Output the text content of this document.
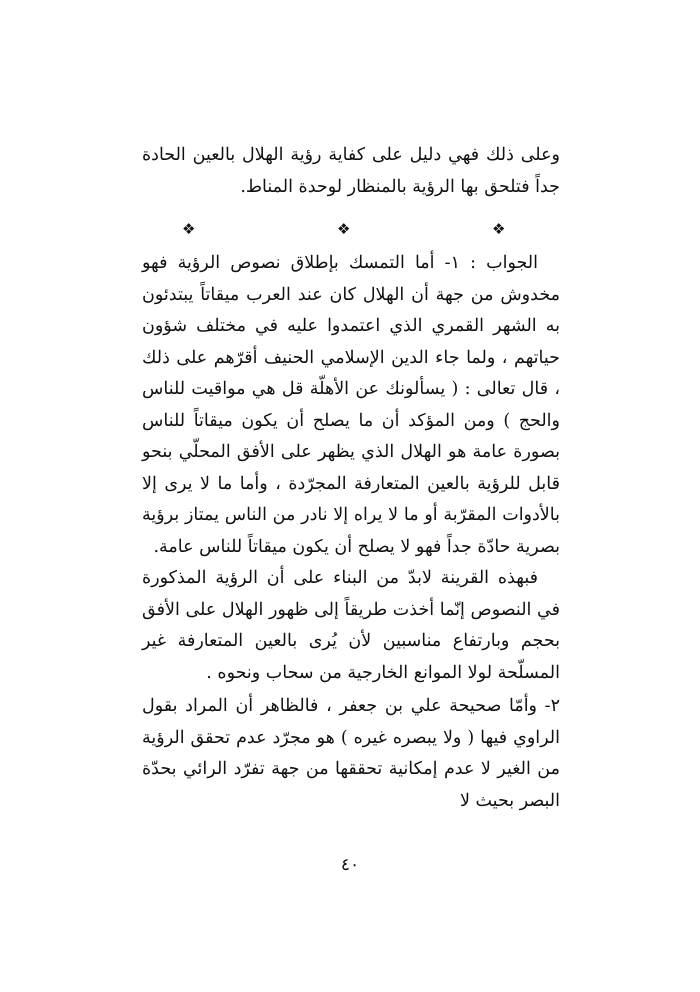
وعلى ذلك فهي دليل على كفاية رؤية الهلال بالعين الحادة جداً فتلحق بها الرؤية بالمنظار لوحدة المناط.

❖	❖	❖

الجواب : ١- أما التمسك بإطلاق نصوص الرؤية فهو مخدوش من جهة أن الهلال كان عند العرب ميقاتاً يبتدئون به الشهر القمري الذي اعتمدوا عليه في مختلف شؤون حياتهم ، ولما جاء الدين الإسلامي الحنيف أقرّهم على ذلك ، قال تعالى : ( يسألونك عن الأهلّة قل هي مواقيت للناس والحج ) ومن المؤكد أن ما يصلح أن يكون ميقاتاً للناس بصورة عامة هو الهلال الذي يظهر على الأفق المحلّي بنحو قابل للرؤية بالعين المتعارفة المجرّدة ، وأما ما لا يرى إلا بالأدوات المقرّبة أو ما لا يراه إلا نادر من الناس يمتاز برؤية بصرية حادّة جداً فهو لا يصلح أن يكون ميقاتاً للناس عامة.

فبهذه القرينة لابدّ من البناء على أن الرؤية المذكورة في النصوص إنّما أخذت طريقاً إلى ظهور الهلال على الأفق بحجم وبارتفاع مناسبين لأن يُرى بالعين المتعارفة غير المسلّحة لولا الموانع الخارجية من سحاب ونحوه .

٢- وأمّا صحيحة علي بن جعفر ، فالظاهر أن المراد بقول الراوي فيها ( ولا يبصره غيره ) هو مجرّد عدم تحقق الرؤية من الغير لا عدم إمكانية تحققها من جهة تفرّد الرائي بحدّة البصر بحيث لا

٤٠
